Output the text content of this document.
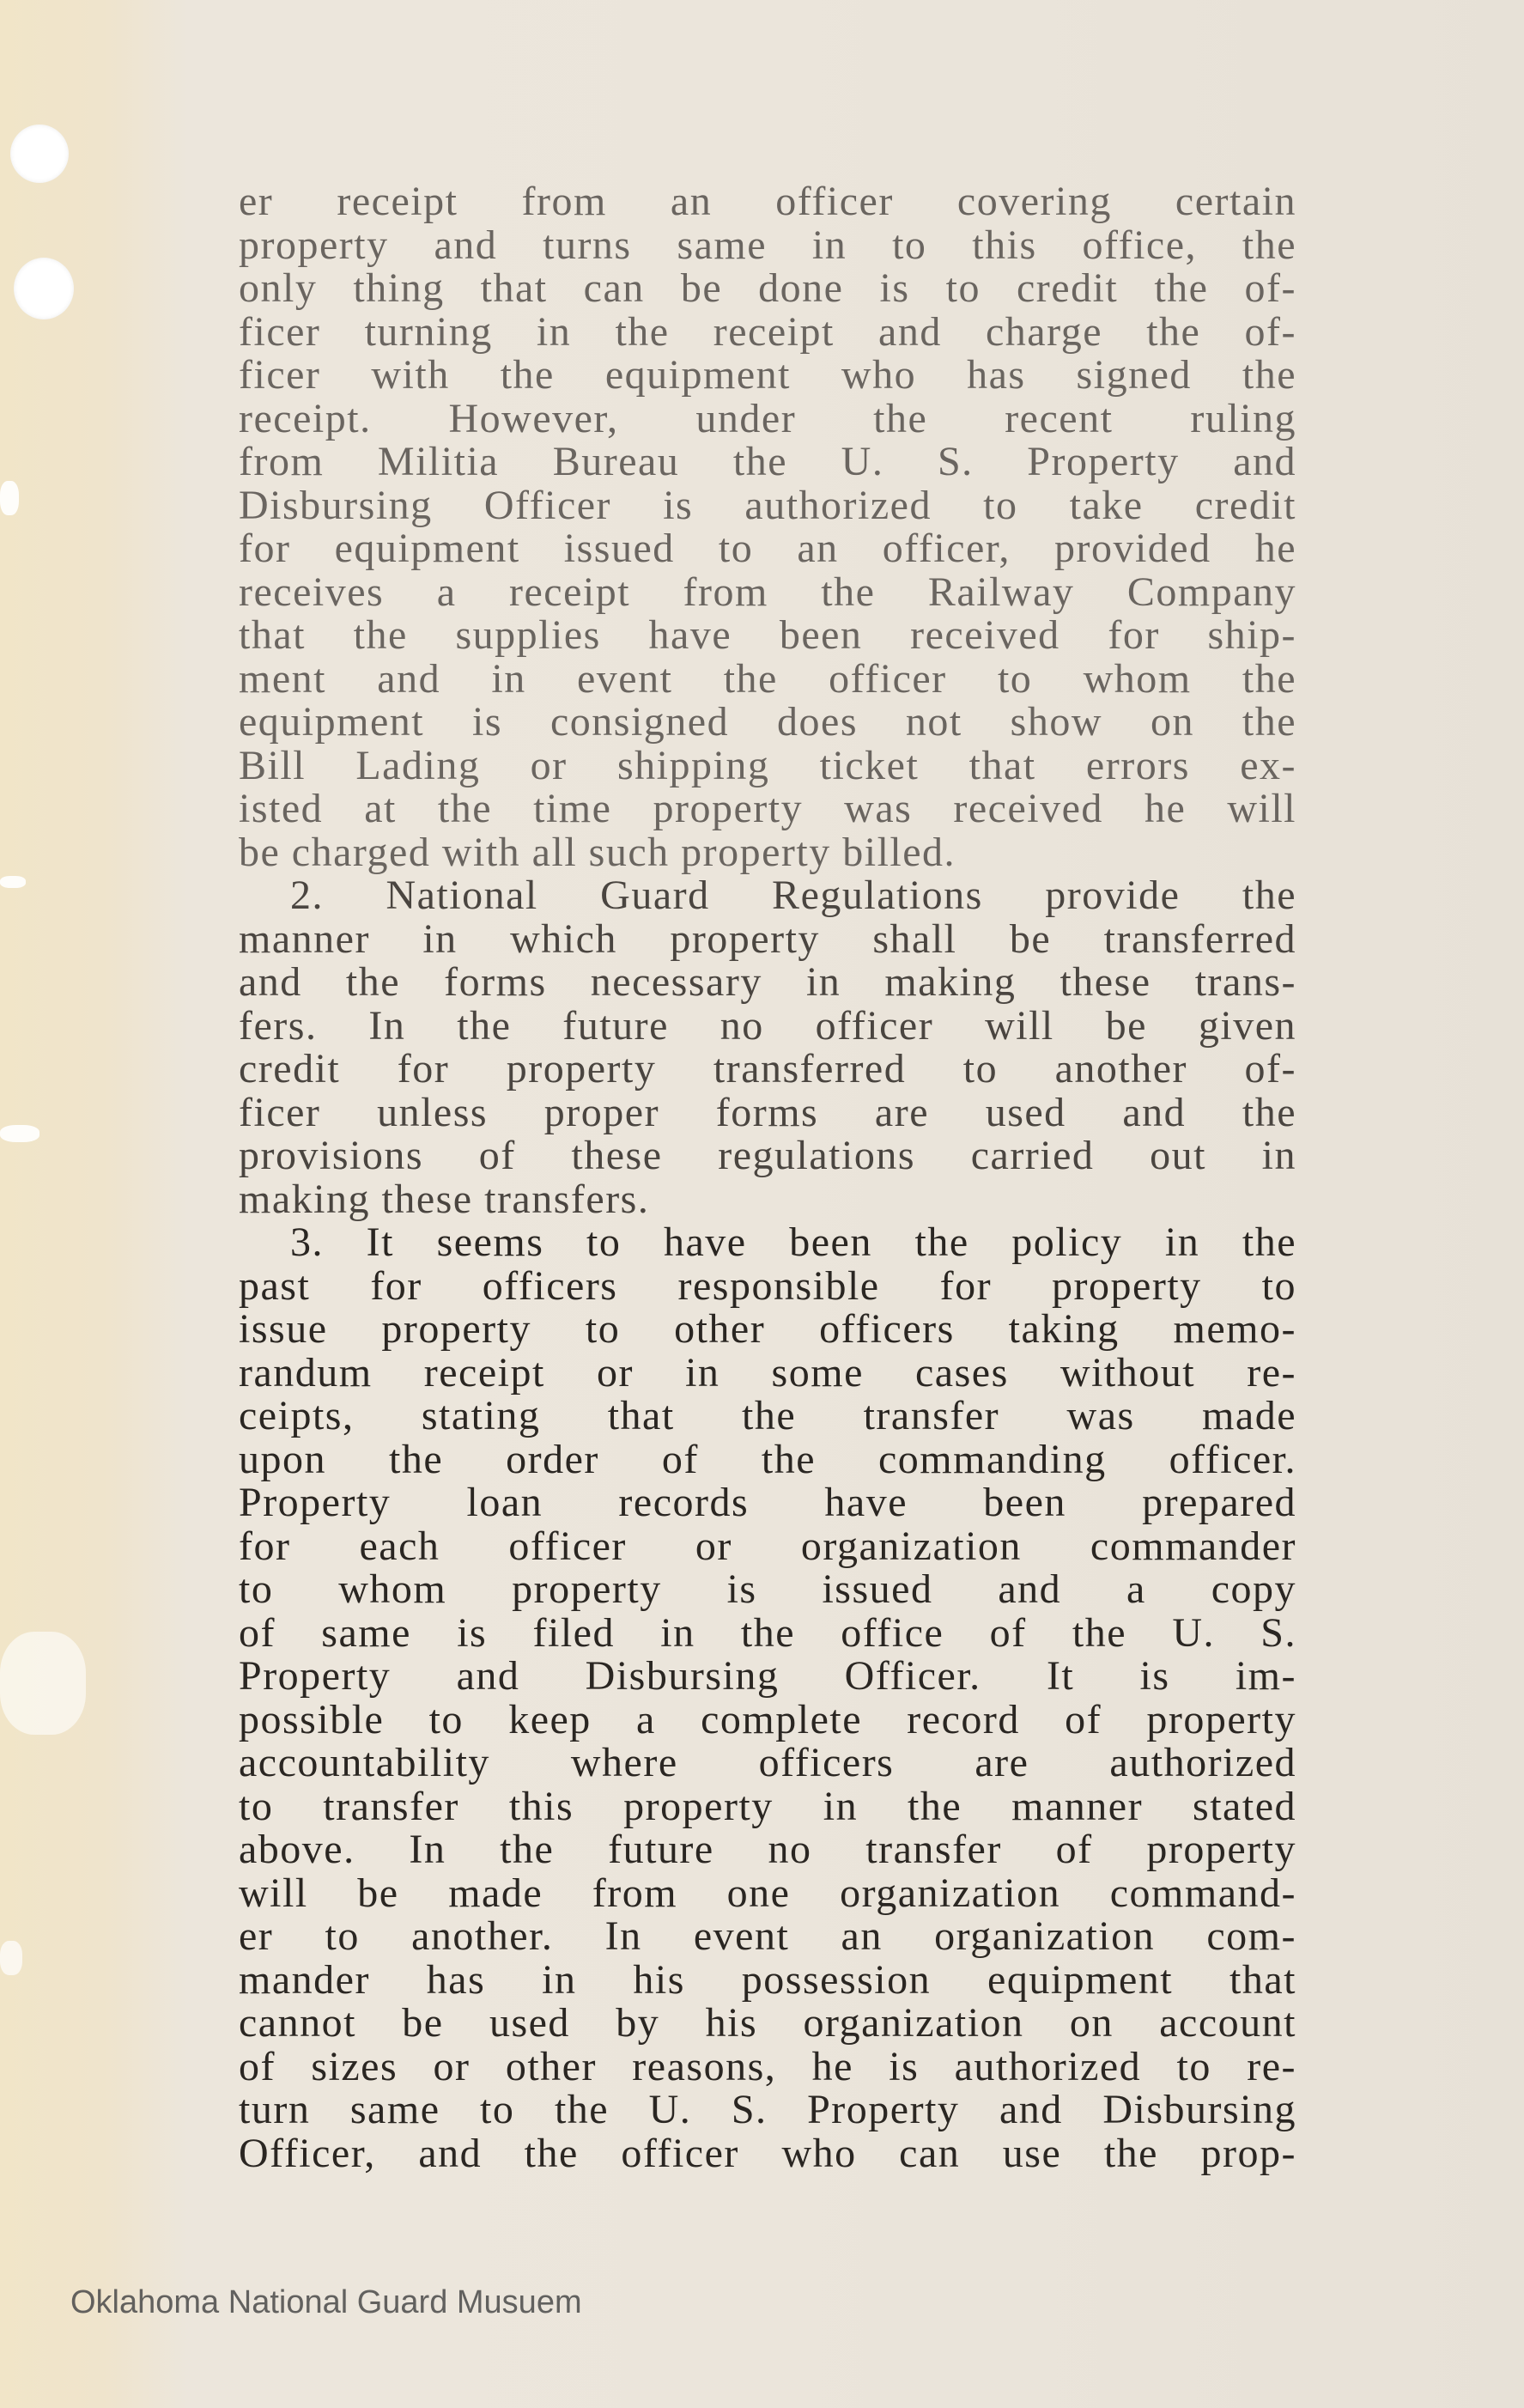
er receipt from an officer covering certain
property and turns same in to this office, the
only thing that can be done is to credit the of-
ficer turning in the receipt and charge the of-
ficer with the equipment who has signed the
receipt. However, under the recent ruling
from Militia Bureau the U. S. Property and
Disbursing Officer is authorized to take credit
for equipment issued to an officer, provided he
receives a receipt from the Railway Company
that the supplies have been received for ship-
ment and in event the officer to whom the
equipment is consigned does not show on the
Bill Lading or shipping ticket that errors ex-
isted at the time property was received he will
be charged with all such property billed.
2. National Guard Regulations provide the
manner in which property shall be transferred
and the forms necessary in making these trans-
fers. In the future no officer will be given
credit for property transferred to another of-
ficer unless proper forms are used and the
provisions of these regulations carried out in
making these transfers.
3. It seems to have been the policy in the
past for officers responsible for property to
issue property to other officers taking memo-
randum receipt or in some cases without re-
ceipts, stating that the transfer was made
upon the order of the commanding officer.
Property loan records have been prepared
for each officer or organization commander
to whom property is issued and a copy
of same is filed in the office of the U. S.
Property and Disbursing Officer. It is im-
possible to keep a complete record of property
accountability where officers are authorized
to transfer this property in the manner stated
above. In the future no transfer of property
will be made from one organization command-
er to another. In event an organization com-
mander has in his possession equipment that
cannot be used by his organization on account
of sizes or other reasons, he is authorized to re-
turn same to the U. S. Property and Disbursing
Officer, and the officer who can use the prop-
Oklahoma National Guard Musuem
